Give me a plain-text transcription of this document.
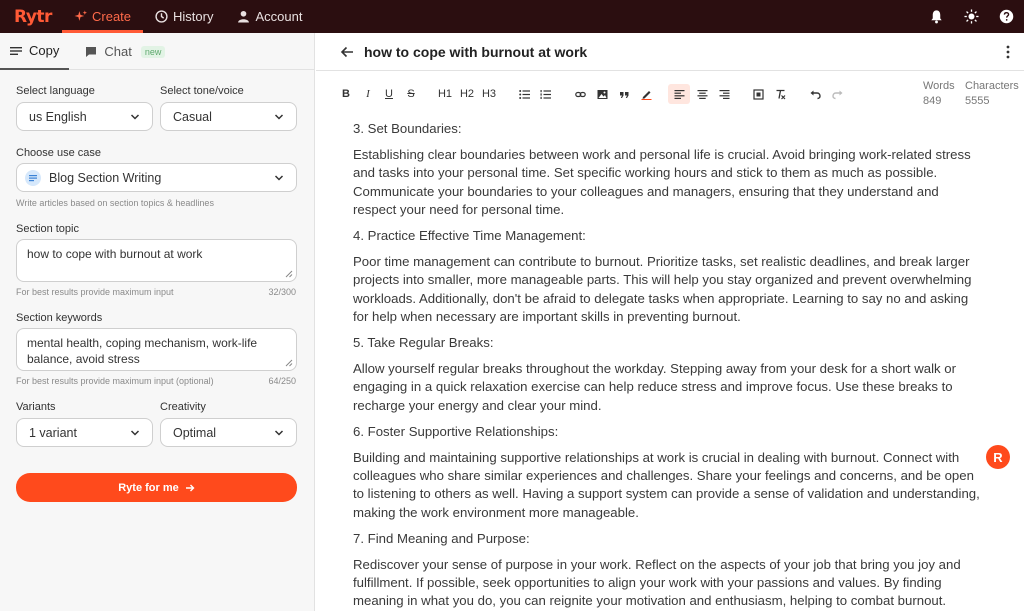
Rytr	Create	History	Account
Copy	Chat	new
Select language
us English
Select tone/voice
Casual
Choose use case
Blog Section Writing
Write articles based on section topics & headlines
Section topic
how to cope with burnout at work
For best results provide maximum input	32/300
Section keywords
mental health, coping mechanism, work-life balance, avoid stress
For best results provide maximum input (optional)	64/250
Variants
1 variant
Creativity
Optimal
Ryte for me
how to cope with burnout at work
B	I	U S H1 H2 H3
Words
849
Characters
5555
3. Set Boundaries:
Establishing clear boundaries between work and personal life is crucial. Avoid bringing work-related stress and tasks into your personal time. Set specific working hours and stick to them as much as possible. Communicate your boundaries to your colleagues and managers, ensuring that they understand and respect your need for personal time.
4. Practice Effective Time Management:
Poor time management can contribute to burnout. Prioritize tasks, set realistic deadlines, and break larger projects into smaller, more manageable parts. This will help you stay organized and prevent overwhelming workloads. Additionally, don't be afraid to delegate tasks when appropriate. Learning to say no and asking for help when necessary are important skills in preventing burnout.
5. Take Regular Breaks:
Allow yourself regular breaks throughout the workday. Stepping away from your desk for a short walk or engaging in a quick relaxation exercise can help reduce stress and improve focus. Use these breaks to recharge your energy and clear your mind.
6. Foster Supportive Relationships:
Building and maintaining supportive relationships at work is crucial in dealing with burnout. Connect with colleagues who share similar experiences and challenges. Share your feelings and concerns, and be open to listening to others as well. Having a support system can provide a sense of validation and understanding, making the work environment more manageable.
7. Find Meaning and Purpose:
Rediscover your sense of purpose in your work. Reflect on the aspects of your job that bring you joy and fulfillment. If possible, seek opportunities to align your work with your passions and values. By finding meaning in what you do, you can reignite your motivation and enthusiasm, helping to combat burnout.
R
